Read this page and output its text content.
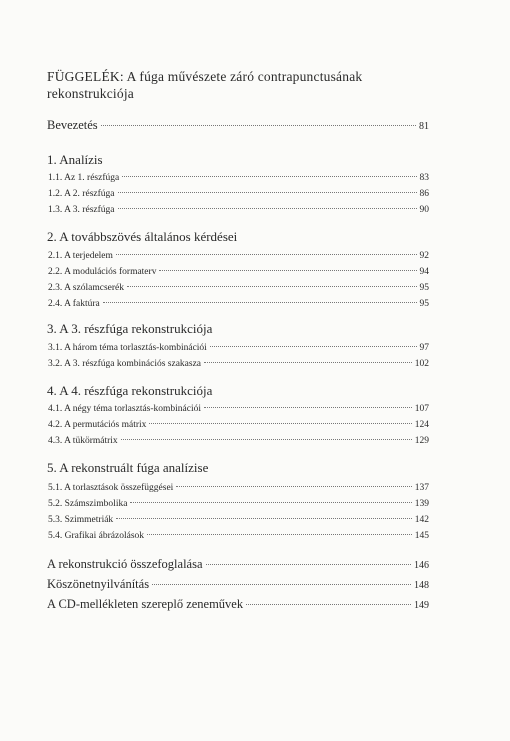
FÜGGELÉK: A fúga művészete záró contrapunctusának rekonstrukciója
Bevezetés	81
1. Analízis
1.1. Az 1. részfúga	83
1.2. A 2. részfúga	86
1.3. A 3. részfúga	90
2. A továbbszövés általános kérdései
2.1. A terjedelem	92
2.2. A modulációs formaterv	94
2.3. A szólamcserék	95
2.4. A faktúra	95
3. A 3. részfúga rekonstrukciója
3.1. A három téma torlasztás-kombinációi	97
3.2. A 3. részfúga kombinációs szakasza	102
4. A 4. részfúga rekonstrukciója
4.1. A négy téma torlasztás-kombinációi	107
4.2. A permutációs mátrix	124
4.3. A tükörmátrix	129
5. A rekonstruált fúga analízise
5.1. A torlasztások összefüggései	137
5.2. Számszimbolika	139
5.3. Szimmetriák	142
5.4. Grafikai ábrázolások	145
A rekonstrukció összefoglalása	146
Köszönetnyilvánítás	148
A CD-mellékleten szereplő zeneművek	149
